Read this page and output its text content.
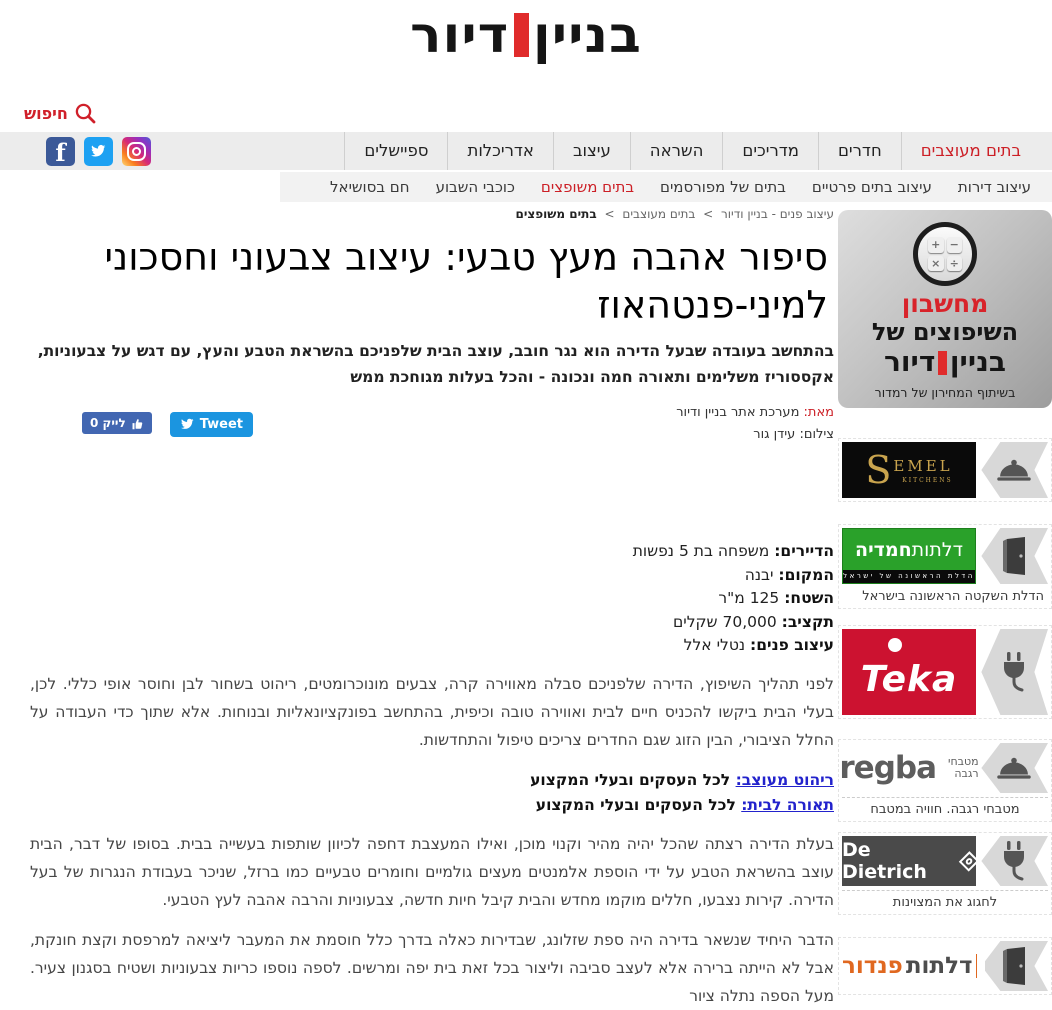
בניין
דיור
חיפוש
בתים מעוצבים
חדרים
מדריכים
השראה
עיצוב
אדריכלות
ספיישלים
f
עיצוב דירות
עיצוב בתים פרטיים
בתים של מפורסמים
בתים משופצים
כוכבי השבוע
חם בסושיאל
+ −
× ÷
מחשבון
השיפוצים של
בניין
דיור
בשיתוף המחירון של רמדור
S EMEL
KITCHENS
דלתות
חמדיה
הדלת הראשונה של ישראל
הדלת השקטה הראשונה בישראל
Teka
regba מטבחי
רגבה
מטבחי רגבה. חוויה במטבח
De Dietrich
לחגוג את המצוינות
דלתות
פנדור
עיצוב פנים - בניין ודיור > בתים מעוצבים > בתים משופצים
סיפור אהבה מעץ טבעי: עיצוב צבעוני וחסכוני למיני-פנטהאוז
בהתחשב בעובדה שבעל הדירה הוא נגר חובב, עוצב הבית שלפניכם בהשראת הטבע והעץ, עם דגש על צבעוניות, אקססוריז משלימים ותאורה חמה ונכונה - והכל בעלות מגוחכת ממש
מאת: מערכת אתר בניין ודיור
צילום: עידן גור
לייק 0	Tweet
הדיירים: משפחה בת 5 נפשות
המקום: יבנה
השטח: 125 מ"ר
תקציב: 70,000 שקלים
עיצוב פנים: נטלי אלל

לפני תהליך השיפוץ, הדירה שלפניכם סבלה מאווירה קרה, צבעים מונוכרומטים, ריהוט בשחור לבן וחוסר אופי כללי. לכן, בעלי הבית ביקשו להכניס חיים לבית ואווירה טובה וכיפית, בהתחשב בפונקציונאליות ובנוחות. אלא שתוך כדי העבודה על החלל הציבורי, הבין הזוג שגם החדרים צריכים טיפול והתחדשות.

ריהוט מעוצב: לכל העסקים ובעלי המקצוע
תאורה לבית: לכל העסקים ובעלי המקצוע

בעלת הדירה רצתה שהכל יהיה מהיר וקנוי מוכן, ואילו המעצבת דחפה לכיוון שותפות בעשייה בבית. בסופו של דבר, הבית עוצב בהשראת הטבע על ידי הוספת אלמנטים מעצים גולמיים וחומרים טבעיים כמו ברזל, שניכר בעבודת הנגרות של בעל הדירה. קירות נצבעו, חללים מוקמו מחדש והבית קיבל חיות חדשה, צבעוניות והרבה אהבה לעץ הטבעי.

הדבר היחיד שנשאר בדירה היה ספת שזלונג, שבדירות כאלה בדרך כלל חוסמת את המעבר ליציאה למרפסת וקצת חונקת, אבל לא הייתה ברירה אלא לעצב סביבה וליצור בכל זאת בית יפה ומרשים. לספה נוספו כריות צבעוניות ושטיח בסגנון צעיר. מעל הספה נתלה ציור
